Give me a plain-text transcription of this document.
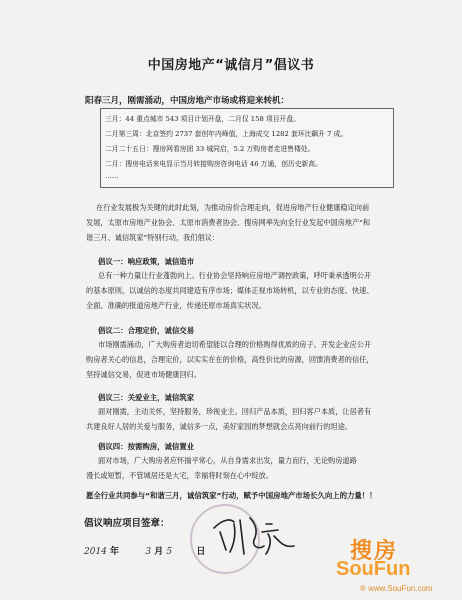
中国房地产“诚信月”倡议书
阳春三月，刚需涌动，中国房地产市场或将迎来转机：
三月：44 重点城市 543 项目计划开盘，二月仅 158 项目开盘。
二月第三周：北京签约 2737 套创年内峰值，上海成交 1282 套环比飙升 7 成。
二月二十五日：搜房网看房团 33 城同启，5.2 万购房者走进售楼处。
二月：搜房电话来电显示当月转接购房咨询电话 46 万通，创历史新高。
……
在行业发展极为关键的此时此刻，为推动房价合理走向，促进房地产行业健康稳定向前
发展，太原市房地产业协会、太原市消费者协会、搜房网率先向全行业发起中国房地产“和
谐三月、诚信筑家”特别行动，我们倡议：
倡议一：响应政策，诚信造市
总有一种力量让行业蓬勃向上。行业协会坚持响应房地产调控政策，呼吁秉承透明公开
的基本原则，以诚信的态度共同建造有序市场；媒体正视市场转机，以专业的态度、快速、
全面、准确的报道房地产行业，传递还原市场真实状况。
倡议二：合理定价，诚信交易
市场刚需涌动，广大购房者迫切希望能以合理的价格购得优质的房子。开发企业应公开
购房者关心的信息，合理定价，以实实在在的价格，高性价比的房源，回馈消费者的信任，
坚持诚信交易，促进市场健康回归。
倡议三：关爱业主，诚信筑家
面对刚需，主动关怀，坚持服务，珍视业主。回归产品本质，回归客户本质，让居者有
共建良好人居的关爱与服务，诚信多一点，美好家园的梦想就会点亮向前行的坦途。
倡议四：按需购房，诚信置业
面对市场，广大购房者应怀揣平常心，从自身需求出发，量力而行，无论购房道路
漫长或短暂，不管城居还是大宅，幸福将时刻在心中绽放。
愿全行业共同参与“和谐三月，诚信筑家”行动，赋予中国房地产市场长久向上的力量！！
倡议响应项目签章：
2014 年	3 月 5	日	搜房
SouFun
® www.SouFun.com
